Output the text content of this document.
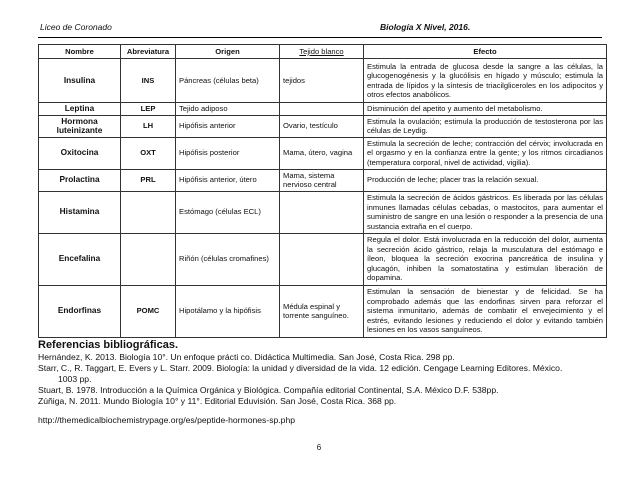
Liceo de Coronado	Biología X Nivel, 2016.
Nombre	Abreviatura	Origen	Tejido blanco	Efecto
Insulina	INS	Páncreas (células beta)	tejidos	Estimula la entrada de glucosa desde la sangre a las células, la glucogenogénesis y la glucólisis en hígado y músculo; estimula la entrada de lípidos y la síntesis de triacilgliceroles en los adipocitos y otros efectos anabólicos.
Leptina	LEP	Tejido adiposo		Disminución del apetito y aumento del metabolismo.
Hormona luteinizante	LH	Hipófisis anterior	Ovario, testículo	Estimula la ovulación; estimula la producción de testosterona por las células de Leydig.
Oxitocina	OXT	Hipófisis posterior	Mama, útero, vagina	Estimula la secreción de leche; contracción del cérvix; involucrada en el orgasmo y en la confianza entre la gente; y los ritmos circadianos (temperatura corporal, nivel de actividad, vigilia).
Prolactina	PRL	Hipófisis anterior, útero	Mama, sistema nervioso central	Producción de leche; placer tras la relación sexual.
Histamina		Estómago (células ECL)		Estimula la secreción de ácidos gástricos. Es liberada por las células inmunes llamadas células cebadas, o mastocitos, para aumentar el suministro de sangre en una lesión o responder a la presencia de una sustancia extraña en el cuerpo.
Encefalina		Riñón (células cromafines)		Regula el dolor. Está involucrada en la reducción del dolor, aumenta la secreción ácido gástrico, relaja la musculatura del estómago e íleon, bloquea la secreción exocrina pancreática de insulina y glucagón, inhiben la somatostatina y estimulan liberación de dopamina.
Endorfinas	POMC	Hipotálamo y la hipófisis	Médula espinal y torrente sanguíneo.	Estimulan la sensación de bienestar y de felicidad. Se ha comprobado además que las endorfinas sirven para reforzar el sistema inmunitario, además de combatir el envejecimiento y el estrés, evitando lesiones y reduciendo el dolor y evitando también lesiones en los vasos sanguíneos.
Referencias bibliográficas.
Hernández, K. 2013. Biología 10°. Un enfoque prácti co. Didáctica Multimedia. San José, Costa Rica. 298 pp.
Starr, C., R. Taggart, E. Evers y L. Starr. 2009. Biología: la unidad y diversidad de la vida. 12 edición. Cengage Learning Editores. México.
1003 pp.
Stuart, B. 1978. Introducción a la Química Orgánica y Biológica. Compañía editorial Continental, S.A. México D.F. 538pp.
Zúñiga, N. 2011. Mundo Biología 10° y 11°. Editorial Eduvisión. San José, Costa Rica. 368 pp.
http://themedicalbiochemistrypage.org/es/peptide-hormones-sp.php
6
